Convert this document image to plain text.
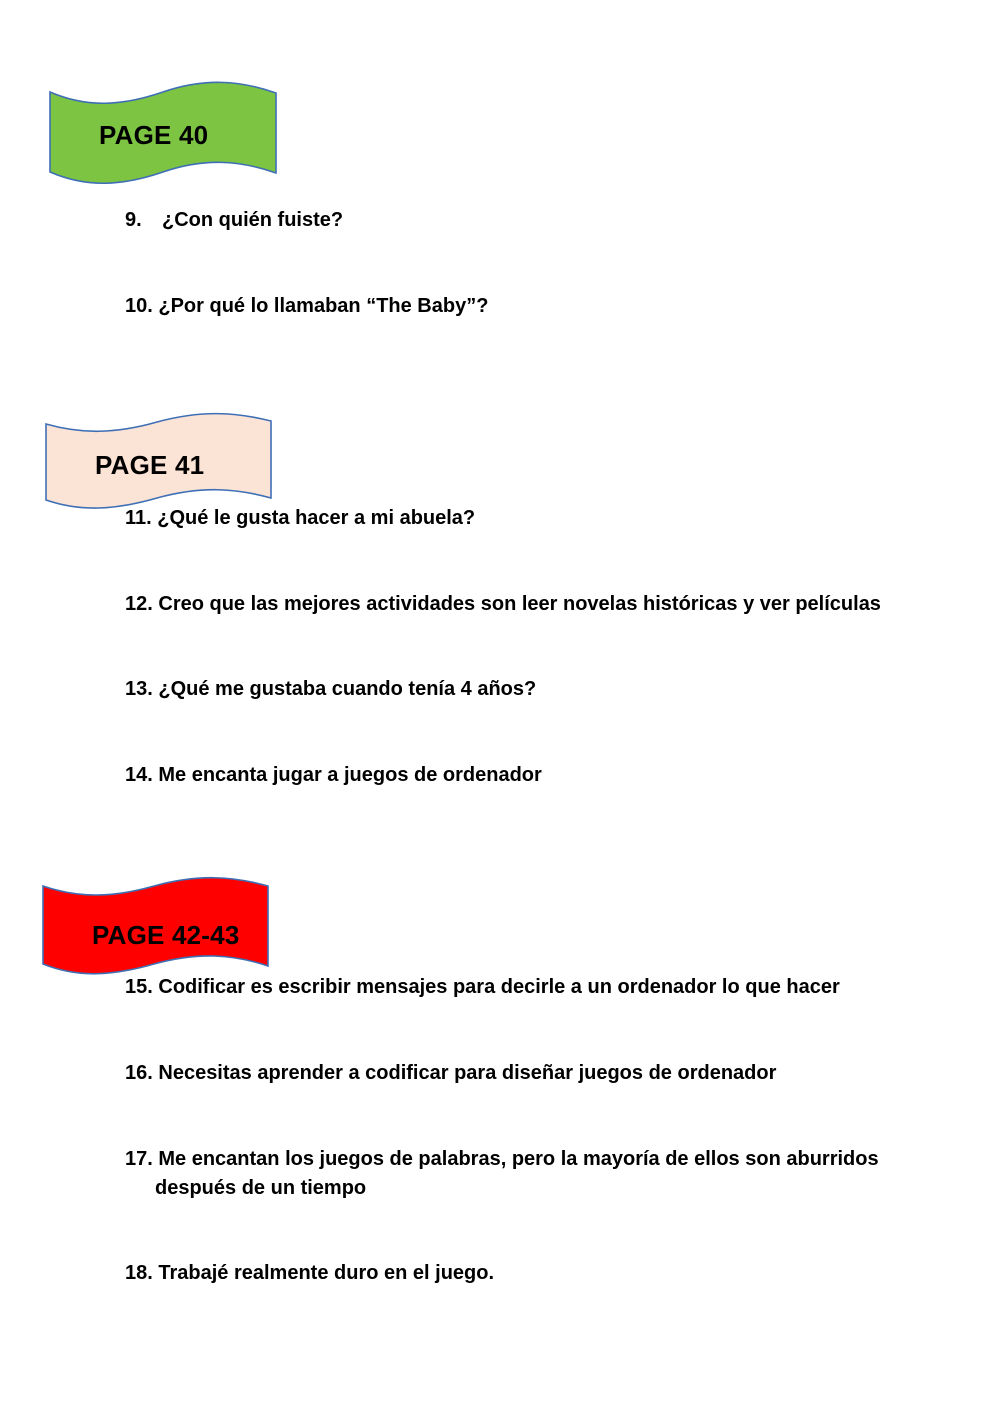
PAGE 40
9. ¿Con quién fuiste?
10. ¿Por qué lo llamaban “The Baby”?
PAGE 41
11. ¿Qué le gusta hacer a mi abuela?
12. Creo que las mejores actividades son leer novelas históricas y ver películas
13. ¿Qué me gustaba cuando tenía 4 años?
14. Me encanta jugar a juegos de ordenador
PAGE 42-43
15. Codificar es escribir mensajes para decirle a un ordenador lo que hacer
16. Necesitas aprender a codificar para diseñar juegos de ordenador
17. Me encantan los juegos de palabras, pero la mayoría de ellos son aburridos
después de un tiempo
18. Trabajé realmente duro en el juego.
